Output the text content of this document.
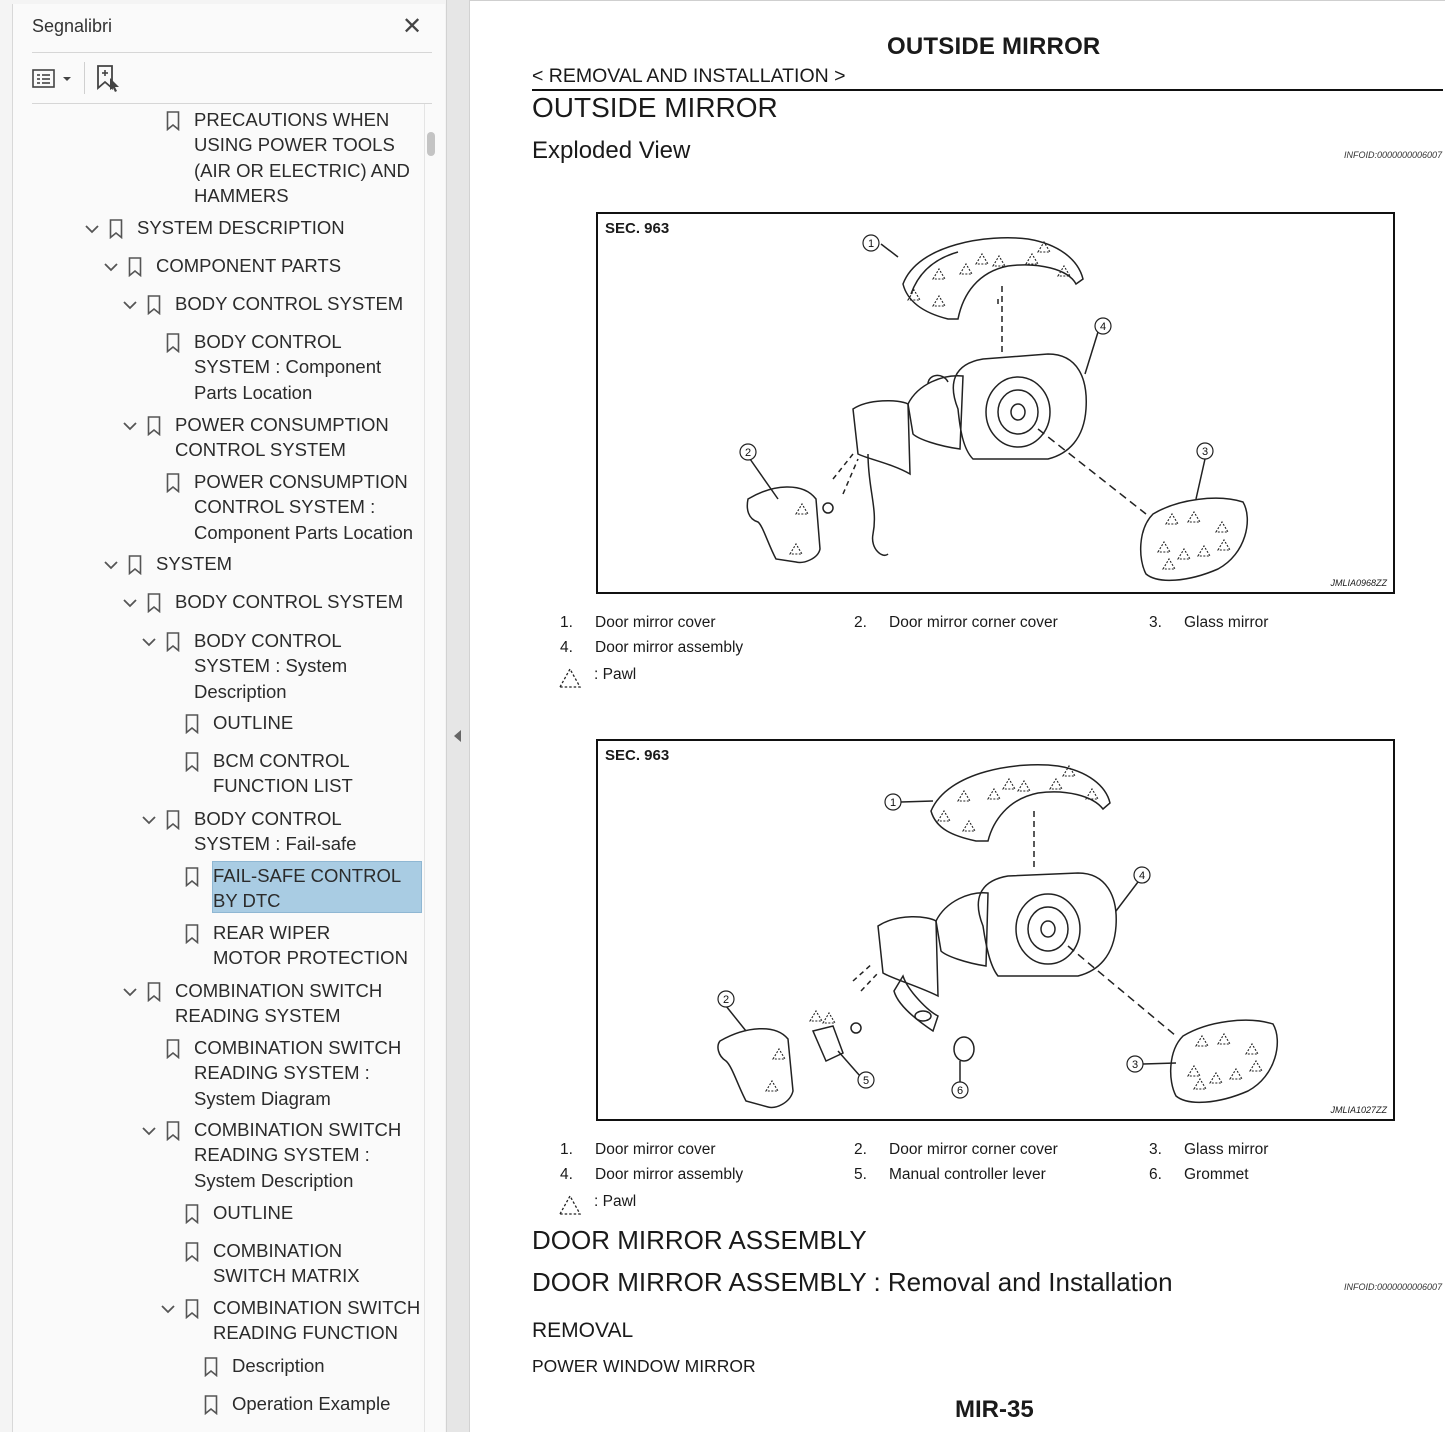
Segnalibri	✕
PRECAUTIONS WHEN
USING POWER TOOLS
(AIR OR ELECTRIC) AND
HAMMERS
SYSTEM DESCRIPTION
COMPONENT PARTS
BODY CONTROL SYSTEM
BODY CONTROL
SYSTEM : Component
Parts Location
POWER CONSUMPTION
CONTROL SYSTEM
POWER CONSUMPTION
CONTROL SYSTEM :
Component Parts Location
SYSTEM
BODY CONTROL SYSTEM
BODY CONTROL
SYSTEM : System
Description
OUTLINE
BCM CONTROL
FUNCTION LIST
BODY CONTROL
SYSTEM : Fail-safe
FAIL-SAFE CONTROL
BY DTC
REAR WIPER
MOTOR PROTECTION
COMBINATION SWITCH
READING SYSTEM
COMBINATION SWITCH
READING SYSTEM :
System Diagram
COMBINATION SWITCH
READING SYSTEM :
System Description
OUTLINE
COMBINATION
SWITCH MATRIX
COMBINATION SWITCH
READING FUNCTION
Description
Operation Example
OUTSIDE MIRROR
< REMOVAL AND INSTALLATION >
OUTSIDE MIRROR
Exploded View	INFOID:0000000006007
1
4
2	3
SEC. 963
JMLIA0968ZZ
1.	Door mirror cover	2.	Door mirror corner cover	3.	Glass mirror
4.	Door mirror assembly
: Pawl
1
4
2
3
5
6
SEC. 963
JMLIA1027ZZ
1.	Door mirror cover	2.	Door mirror corner cover	3.	Glass mirror
4.	Door mirror assembly	5.	Manual controller lever	6.	Grommet
: Pawl
DOOR MIRROR ASSEMBLY
DOOR MIRROR ASSEMBLY : Removal and Installation	INFOID:0000000006007
REMOVAL
POWER WINDOW MIRROR
MIR-35
